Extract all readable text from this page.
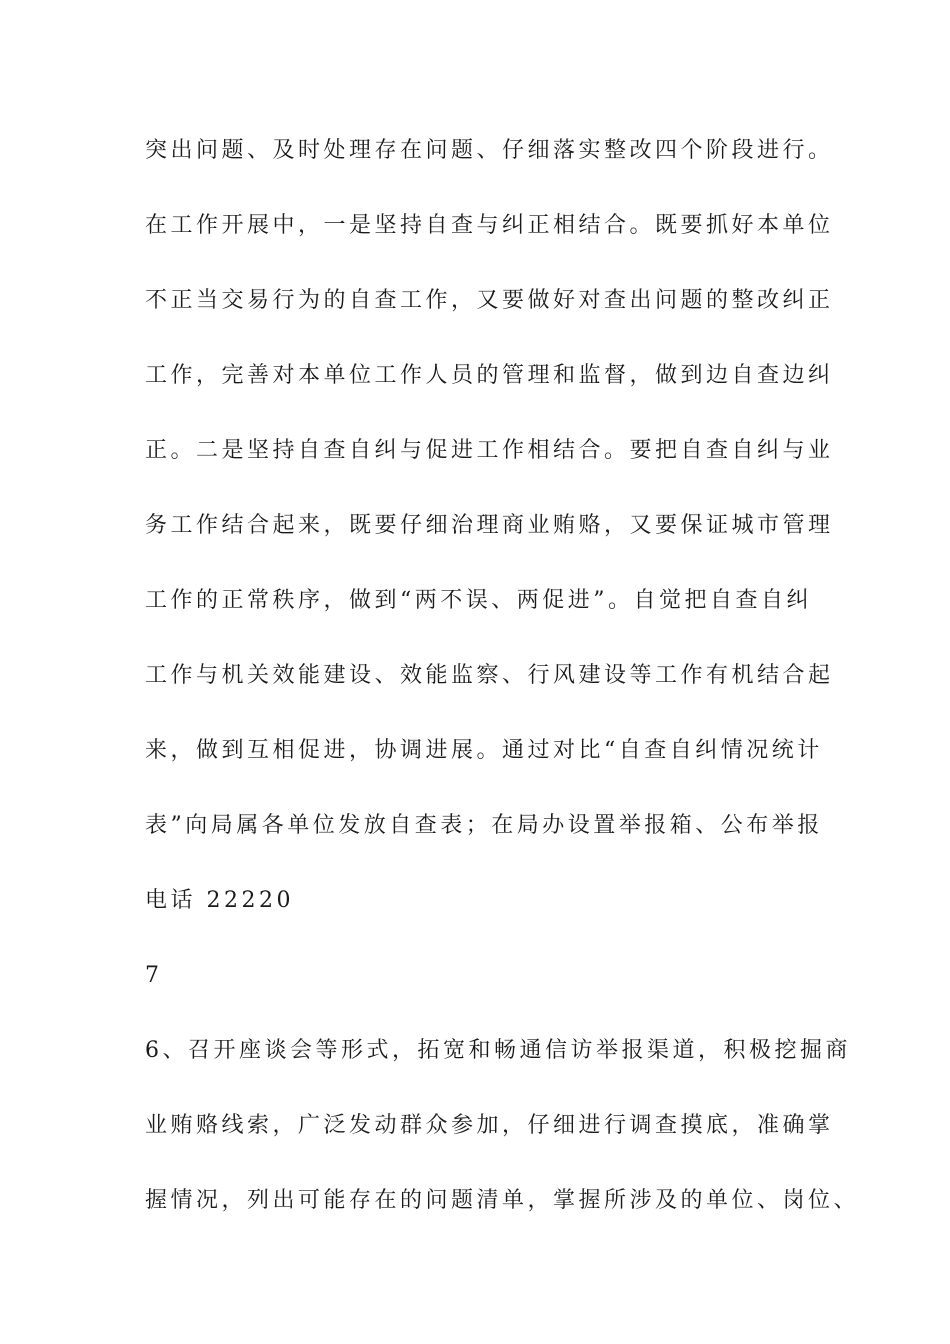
突出问题、及时处理存在问题、仔细落实整改四个阶段进行。
在工作开展中，一是坚持自查与纠正相结合。既要抓好本单位
不正当交易行为的自查工作，又要做好对查出问题的整改纠正
工作，完善对本单位工作人员的管理和监督，做到边自查边纠
正。二是坚持自查自纠与促进工作相结合。要把自查自纠与业
务工作结合起来，既要仔细治理商业贿赂，又要保证城市管理
工作的正常秩序，做到“两不误、两促进”。自觉把自查自纠
工作与机关效能建设、效能监察、行风建设等工作有机结合起
来，做到互相促进，协调进展。通过对比“自查自纠情况统计
表”向局属各单位发放自查表；在局办设置举报箱、公布举报
电话 22220
7
6、召开座谈会等形式，拓宽和畅通信访举报渠道，积极挖掘商
业贿赂线索，广泛发动群众参加，仔细进行调查摸底，准确掌
握情况，列出可能存在的问题清单，掌握所涉及的单位、岗位、
